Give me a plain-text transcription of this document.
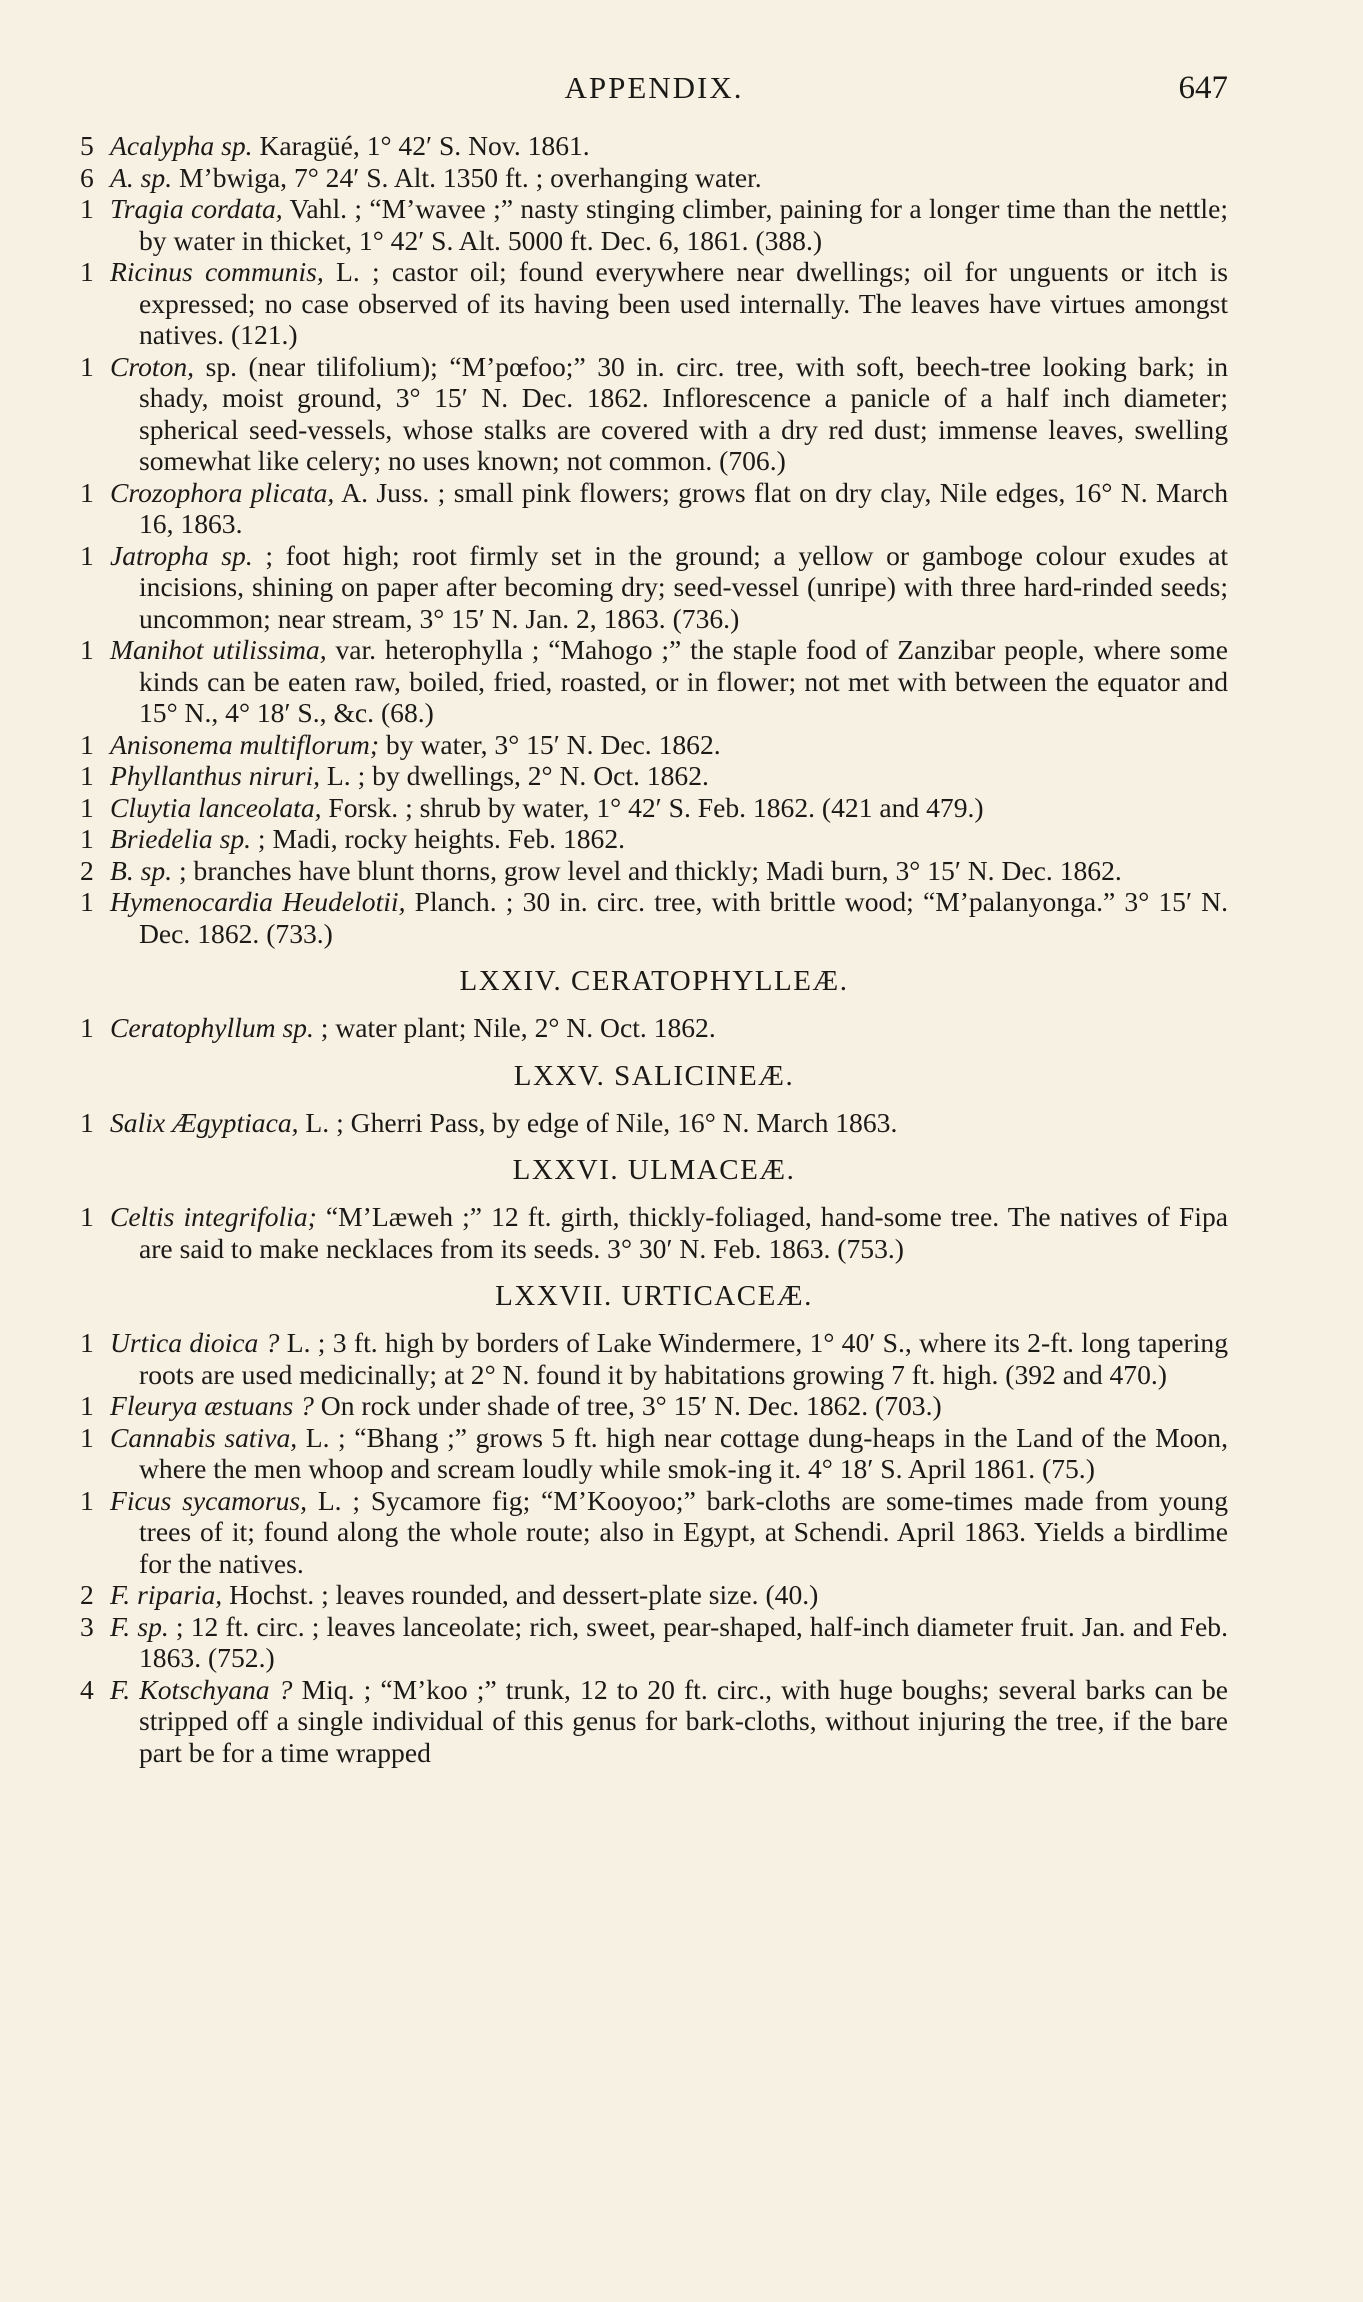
APPENDIX.	647
5 Acalypha sp. Karagüé, 1° 42′ S. Nov. 1861.
6 A. sp. M’bwiga, 7° 24′ S. Alt. 1350 ft. ; overhanging water.
1 Tragia cordata, Vahl. ; “M’wavee ;” nasty stinging climber, paining for a longer time than the nettle; by water in thicket, 1° 42′ S. Alt. 5000 ft. Dec. 6, 1861. (388.)
1 Ricinus communis, L. ; castor oil; found everywhere near dwellings; oil for unguents or itch is expressed; no case observed of its having been used internally. The leaves have virtues amongst natives. (121.)
1 Croton, sp. (near tilifolium); “M’pœfoo;” 30 in. circ. tree, with soft, beech-tree looking bark; in shady, moist ground, 3° 15′ N. Dec. 1862. Inflorescence a panicle of a half inch diameter; spherical seed-vessels, whose stalks are covered with a dry red dust; immense leaves, swelling somewhat like celery; no uses known; not common. (706.)
1 Crozophora plicata, A. Juss. ; small pink flowers; grows flat on dry clay, Nile edges, 16° N. March 16, 1863.
1 Jatropha sp. ; foot high; root firmly set in the ground; a yellow or gamboge colour exudes at incisions, shining on paper after becoming dry; seed-vessel (unripe) with three hard-rinded seeds; uncommon; near stream, 3° 15′ N. Jan. 2, 1863. (736.)
1 Manihot utilissima, var. heterophylla ; “Mahogo ;” the staple food of Zanzibar people, where some kinds can be eaten raw, boiled, fried, roasted, or in flower; not met with between the equator and 15° N., 4° 18′ S., &c. (68.)
1 Anisonema multiflorum; by water, 3° 15′ N. Dec. 1862.
1 Phyllanthus niruri, L. ; by dwellings, 2° N. Oct. 1862.
1 Cluytia lanceolata, Forsk. ; shrub by water, 1° 42′ S. Feb. 1862. (421 and 479.)
1 Briedelia sp. ; Madi, rocky heights. Feb. 1862.
2 B. sp. ; branches have blunt thorns, grow level and thickly; Madi burn, 3° 15′ N. Dec. 1862.
1 Hymenocardia Heudelotii, Planch. ; 30 in. circ. tree, with brittle wood; “M’palanyonga.” 3° 15′ N. Dec. 1862. (733.)
LXXIV. CERATOPHYLLEÆ.
1 Ceratophyllum sp. ; water plant; Nile, 2° N. Oct. 1862.
LXXV. SALICINEÆ.
1 Salix Ægyptiaca, L. ; Gherri Pass, by edge of Nile, 16° N. March 1863.
LXXVI. ULMACEÆ.
1 Celtis integrifolia; “M’Læweh ;” 12 ft. girth, thickly-foliaged, hand-some tree. The natives of Fipa are said to make necklaces from its seeds. 3° 30′ N. Feb. 1863. (753.)
LXXVII. URTICACEÆ.
1 Urtica dioica ? L. ; 3 ft. high by borders of Lake Windermere, 1° 40′ S., where its 2-ft. long tapering roots are used medicinally; at 2° N. found it by habitations growing 7 ft. high. (392 and 470.)
1 Fleurya æstuans ? On rock under shade of tree, 3° 15′ N. Dec. 1862. (703.)
1 Cannabis sativa, L. ; “Bhang ;” grows 5 ft. high near cottage dung-heaps in the Land of the Moon, where the men whoop and scream loudly while smok-ing it. 4° 18′ S. April 1861. (75.)
1 Ficus sycamorus, L. ; Sycamore fig; “M’Kooyoo;” bark-cloths are some-times made from young trees of it; found along the whole route; also in Egypt, at Schendi. April 1863. Yields a birdlime for the natives.
2 F. riparia, Hochst. ; leaves rounded, and dessert-plate size. (40.)
3 F. sp. ; 12 ft. circ. ; leaves lanceolate; rich, sweet, pear-shaped, half-inch diameter fruit. Jan. and Feb. 1863. (752.)
4 F. Kotschyana ? Miq. ; “M’koo ;” trunk, 12 to 20 ft. circ., with huge boughs; several barks can be stripped off a single individual of this genus for bark-cloths, without injuring the tree, if the bare part be for a time wrapped
